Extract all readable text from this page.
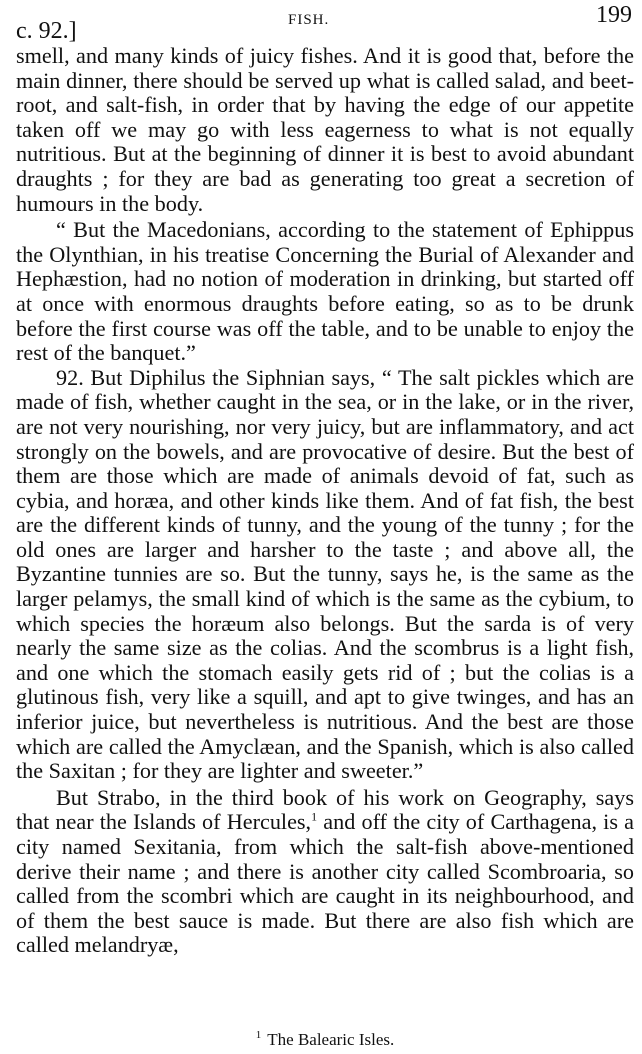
c. 92.]	FISH.	199

smell, and many kinds of juicy fishes. And it is good that, before the main dinner, there should be served up what is called salad, and beet-root, and salt-fish, in order that by having the edge of our appetite taken off we may go with less eagerness to what is not equally nutritious. But at the beginning of dinner it is best to avoid abundant draughts ; for they are bad as generating too great a secretion of humours in the body.

“ But the Macedonians, according to the statement of Ephippus the Olynthian, in his treatise Concerning the Burial of Alexander and Hephæstion, had no notion of moderation in drinking, but started off at once with enormous draughts before eating, so as to be drunk before the first course was off the table, and to be unable to enjoy the rest of the banquet.”

92. But Diphilus the Siphnian says, “ The salt pickles which are made of fish, whether caught in the sea, or in the lake, or in the river, are not very nourishing, nor very juicy, but are inflammatory, and act strongly on the bowels, and are provocative of desire. But the best of them are those which are made of animals devoid of fat, such as cybia, and horæa, and other kinds like them. And of fat fish, the best are the different kinds of tunny, and the young of the tunny ; for the old ones are larger and harsher to the taste ; and above all, the Byzantine tunnies are so. But the tunny, says he, is the same as the larger pelamys, the small kind of which is the same as the cybium, to which species the horæum also belongs. But the sarda is of very nearly the same size as the colias. And the scombrus is a light fish, and one which the stomach easily gets rid of ; but the colias is a glutinous fish, very like a squill, and apt to give twinges, and has an inferior juice, but nevertheless is nutritious. And the best are those which are called the Amyclæan, and the Spanish, which is also called the Saxitan ; for they are lighter and sweeter.”

But Strabo, in the third book of his work on Geography, says that near the Islands of Hercules,$^1$ and off the city of Carthagena, is a city named Sexitania, from which the salt-fish above-mentioned derive their name ; and there is another city called Scombroaria, so called from the scombri which are caught in its neighbourhood, and of them the best sauce is made. But there are also fish which are called melandryæ,

$^1$ The Balearic Isles.
